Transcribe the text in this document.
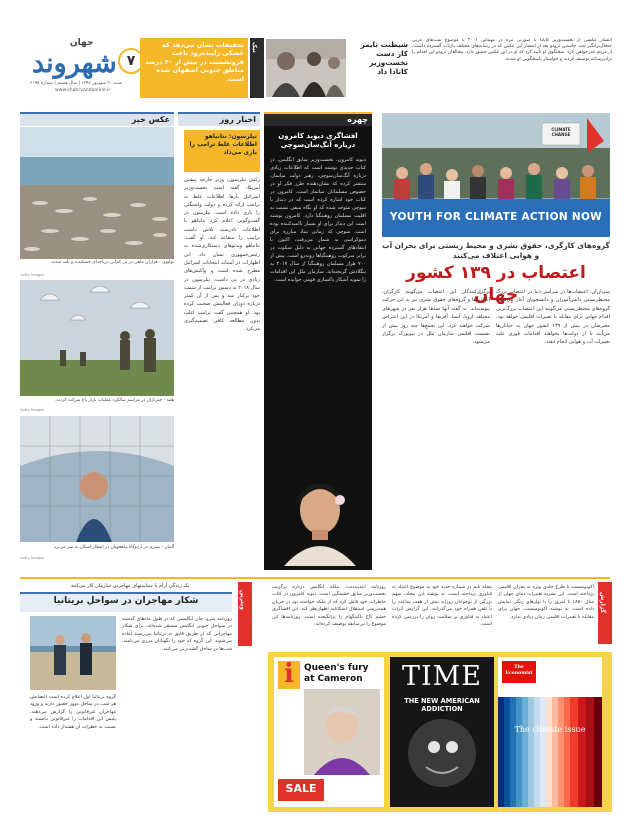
جهان
شهروند
شنبه ۲۰ شهریور ۱۳۹۸ | سال هشتم | شماره ۲۱۹۵
www.shahrvandonline.ir
۷
تحقیقات نشان می‌دهد که خشکی زاینده‌رود باعث فرونشست در بیش از ۴۰ درصد مناطق جنوبی اصفهان شده است.
نیک	شیطنت تایمز کار دست نخست‌وزیر کانادا داد
انتشار عکسی از نخست‌وزیر کانادا با صورتی تیره در مهمانی ۲۰۰۱ با موضوع شب‌های عربی جنجال‌برانگیز شد. جاستین ترودو بعد از انتشار این عکس که در رسانه‌های مختلف بازتاب گسترده داشت، از مردم عذرخواهی کرد. سخنگوی او تأیید کرد که او در این عکس حضور دارد. مخالفان ترودو این اقدام را نژادپرستانه توصیف کردند و خواستار پاسخگویی او شدند.
عکس خبر	اخبار روز	چهره
CLIMATE CHANGE
YOUTH FOR CLIMATE ACTION NOW
گروه‌های کارگری، حقوق بشری و محیط زیستی برای بحران آب و هوایی اعتلاف می‌کنند
اعتصاب در ۱۳۹ کشور جهان
سی‌ان‌ان: اعتصاب‌ها در سراسر دنیا در اعتصاب بزرگ محیط‌زیستی دانش‌آموزان و دانشجویان آغاز می‌شود. گروه‌های محیط‌زیستی می‌گویند این اعتصاب بزرگ‌ترین اقدام جهانی برای مقابله با تغییرات اقلیمی خواهد بود. معترضان در بیش از ۱۳۹ کشور جهان به خیابان‌ها می‌آیند تا از دولت‌ها بخواهند اقدامات فوری علیه تغییرات آب و هوایی انجام دهند.
برگزارکنندگان این اعتصاب می‌گویند کارگران، اتحادیه‌ها و گروه‌های حقوق بشری نیز به این حرکت پیوسته‌اند. به گفته آنها صدها هزار نفر در شهرهای مختلف اروپا، آسیا، آفریقا و آمریکا در این اعتراض شرکت خواهند کرد. این تجمع‌ها چند روز پیش از نشست اقلیمی سازمان ملل در نیویورک برگزار می‌شود.
افشاگری دیوید کامرون درباره آنگ‌سان‌سوچی
دیوید کامرون، نخست‌وزیر سابق انگلیس، در کتاب جدیدی نوشته است که اطلاعات زیادی درباره آنگ‌سان‌سوچی، رهبر دولت میانمار، منتشر کرده که نشان‌دهنده طرز فکر او در خصوص مسلمانان میانمار است. کامرون در کتاب خود اشاره کرده است که در دیدار با سوچی متوجه شده که او نگاه منفی نسبت به اقلیت مسلمان روهینگیا دارد. کامرون نوشته است این دیدار برای او بسیار ناامیدکننده بوده است. سوچی که زمانی نماد مبارزه برای دموکراسی به شمار می‌رفت، اکنون با انتقادهای گسترده جهانی به دلیل سکوت در برابر سرکوب روهینگیاها روبه‌رو است. بیش از ۷۰۰ هزار مسلمان روهینگیا از سال ۲۰۱۷ به بنگلادش گریخته‌اند. سازمان ملل این اقدامات را نمونه آشکار پاکسازی قومی خوانده است.
تیلرسون: نتانیاهو اطلاعات غلط ترامپ را بازی می‌داد
رکس تیلرسون، وزیر خارجه پیشین آمریکا، گفته است نخست‌وزیر اسرائیل بارها اطلاعات غلط به ترامپ ارائه کرده و دولت واشنگتن را بازی داده است. تیلرسون در گفت‌وگویی اعلام کرد نتانیاهو با اطلاعات نادرست تلاش داشت ترامپ را متقاعد کند. او گفت: نتانیاهو ویدئوهای دستکاری‌شده به رئیس‌جمهوری نشان داد. این اظهارات در آستانه انتخابات اسرائیل مطرح شده است و واکنش‌های زیادی در پی داشت. تیلرسون در سال ۲۰۱۸ به دستور ترامپ از سمت خود برکنار شد و پس از آن کمتر درباره دوران فعالیتش صحبت کرده بود. او همچنین گفت ترامپ اغلب بدون مطالعه کافی تصمیم‌گیری می‌کرد.
بولیوی - هزاران ماهی در پی کم‌آبی دریاچه‌ای خشکیدند و تلف شدند.
Getty Images
هلند - چتربازان در مراسم سالگرد عملیات بازار باغ شرکت کردند.
Getty Images
آلمان - پسری در اردوگاه پناهجویان در انتظار اسکان به سر می‌برد.
Getty Images
گزارش
اکونومیست با طرح جلدی ویژه به بحران اقلیمی پرداخته است. این نشریه تغییرات دمای جهان از سال ۱۸۵۰ تا امروز را با نوارهای رنگی نمایش داده است. به نوشته اکونومیست، جهان برای مقابله با تغییرات اقلیمی زمان زیادی ندارد.
مجله تایم در شماره جدید خود به موضوع اعتیاد به فناوری پرداخته است. به نوشته این مجله، سهم بزرگی از نوجوانان روزانه بیش از هفت ساعت را با تلفن همراه خود می‌گذرانند. این گزارش اثرات اعتیاد به فناوری بر سلامت روان را بررسی کرده است.
روزنامه ایندیپندنت: ملکه انگلیس درباره برگزیت نخست‌وزیر سابق خشمگین است. دیوید کامرون در کتاب خاطرات خود فاش کرد که از ملکه خواسته بود در جریان همه‌پرسی استقلال اسکاتلند اظهارنظر کند. این افشاگری خشم کاخ باکینگهام را برانگیخته است. روزنامه‌ها این موضوع را بی‌سابقه توصیف کرده‌اند.
The Economist
The climate issue
TIME
THE NEW AMERICAN ADDICTION
i	Queen's fury at Cameron
SALE
ویترین
یک زندگی آرام با سیاستهای مهاجرتی سازمان کار می‌کنند
شکار مهاجران در سواحل بریتانیا
روزنامه مترو: جان انگلیسی که در طول ماه‌های گذشته در سواحل جنوبی انگلیس مستقر شده‌اند، برای شکار مهاجرانی که از طریق قایق به بریتانیا می‌رسند آماده می‌شوند. این گروه که خود را نگهبانان مرزی می‌نامند، شب‌ها در ساحل گشت‌زنی می‌کنند.
گروه بریتانیا اول اعلام کرده است اعضایش هر شب در ساحل دوور حضور دارند و ورود مهاجران غیرقانونی را گزارش می‌دهند. پلیس این اقدامات را غیرقانونی دانسته و نسبت به خطرات آن هشدار داده است.
